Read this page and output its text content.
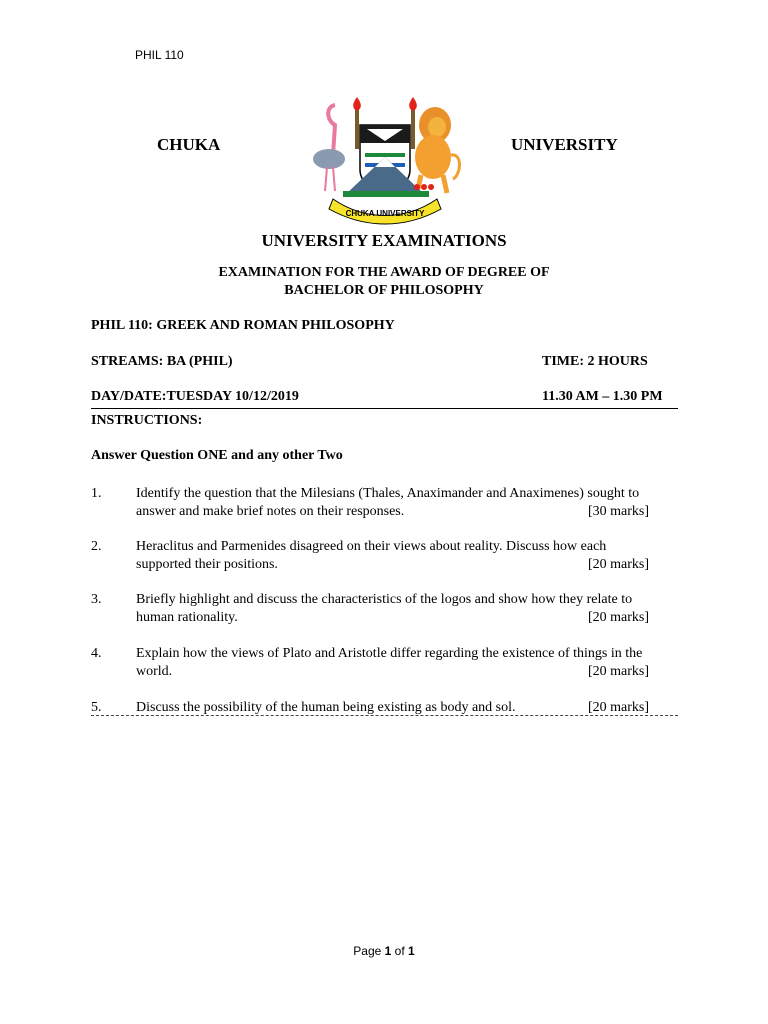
PHIL 110
CHUKA	UNIVERSITY
CHUKA UNIVERSITY
UNIVERSITY EXAMINATIONS
EXAMINATION FOR THE AWARD OF DEGREE OF
BACHELOR OF PHILOSOPHY
PHIL 110: GREEK AND ROMAN PHILOSOPHY
STREAMS: BA (PHIL)	TIME: 2 HOURS
DAY/DATE:TUESDAY 10/12/2019	11.30 AM – 1.30 PM
INSTRUCTIONS:
Answer Question ONE and any other Two
1. Identify the question that the Milesians (Thales, Anaximander and Anaximenes) sought to answer and make brief notes on their responses.	[30 marks]
2. Heraclitus and Parmenides disagreed on their views about reality. Discuss how each supported their positions.	[20 marks]
3. Briefly highlight and discuss the characteristics of the logos and show how they relate to human rationality.	[20 marks]
4. Explain how the views of Plato and Aristotle differ regarding the existence of things in the world.	[20 marks]
5. Discuss the possibility of the human being existing as body and sol.	[20 marks]
Page 1 of 1
